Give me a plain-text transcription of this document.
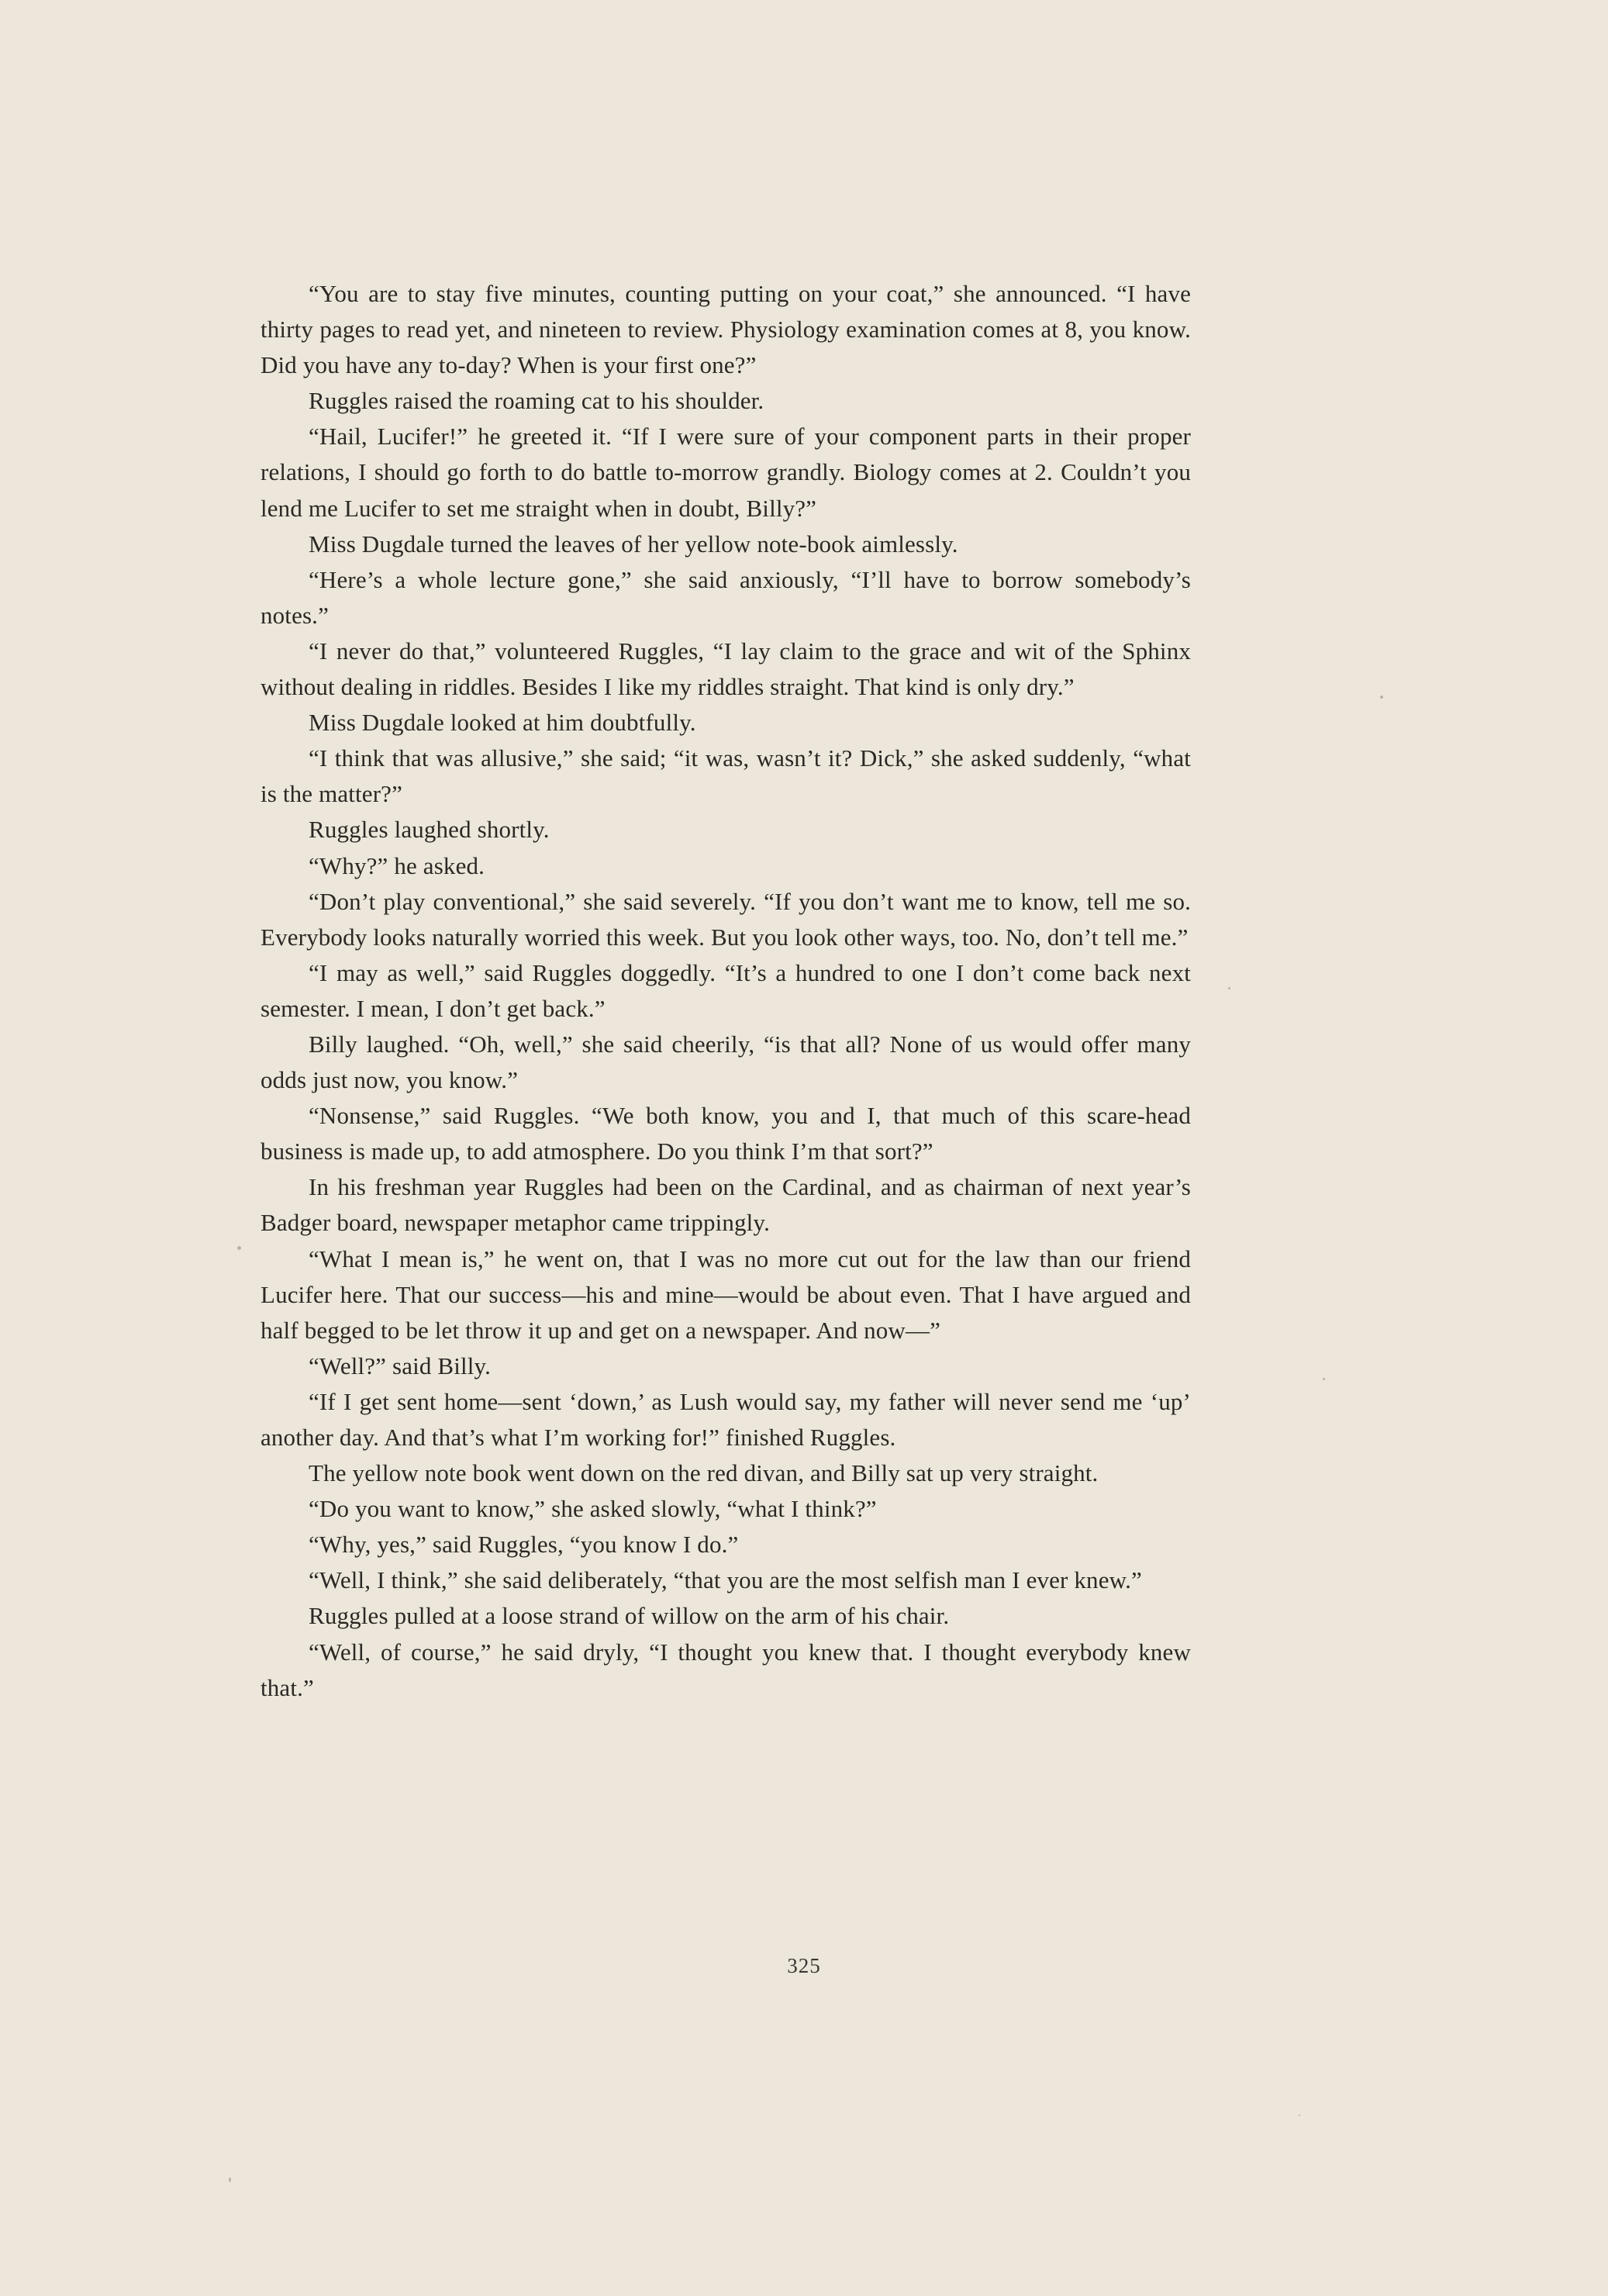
“You are to stay five minutes, counting putting on your coat,” she announced. “I have thirty pages to read yet, and nineteen to review. Physiology examination comes at 8, you know. Did you have any to-day? When is your first one?”

Ruggles raised the roaming cat to his shoulder.

“Hail, Lucifer!” he greeted it. “If I were sure of your component parts in their proper relations, I should go forth to do battle to-morrow grandly. Biology comes at 2. Couldn’t you lend me Lucifer to set me straight when in doubt, Billy?”

Miss Dugdale turned the leaves of her yellow note-book aimlessly.

“Here’s a whole lecture gone,” she said anxiously, “I’ll have to borrow somebody’s notes.”

“I never do that,” volunteered Ruggles, “I lay claim to the grace and wit of the Sphinx without dealing in riddles. Besides I like my riddles straight. That kind is only dry.”

Miss Dugdale looked at him doubtfully.

“I think that was allusive,” she said; “it was, wasn’t it? Dick,” she asked suddenly, “what is the matter?”

Ruggles laughed shortly.

“Why?” he asked.

“Don’t play conventional,” she said severely. “If you don’t want me to know, tell me so. Everybody looks naturally worried this week. But you look other ways, too. No, don’t tell me.”

“I may as well,” said Ruggles doggedly. “It’s a hundred to one I don’t come back next semester. I mean, I don’t get back.”

Billy laughed. “Oh, well,” she said cheerily, “is that all? None of us would offer many odds just now, you know.”

“Nonsense,” said Ruggles. “We both know, you and I, that much of this scare-head business is made up, to add atmosphere. Do you think I’m that sort?”

In his freshman year Ruggles had been on the Cardinal, and as chairman of next year’s Badger board, newspaper metaphor came trippingly.

“What I mean is,” he went on, that I was no more cut out for the law than our friend Lucifer here. That our success—his and mine—would be about even. That I have argued and half begged to be let throw it up and get on a newspaper. And now—”

“Well?” said Billy.

“If I get sent home—sent ‘down,’ as Lush would say, my father will never send me ‘up’ another day. And that’s what I’m working for!” finished Ruggles.

The yellow note book went down on the red divan, and Billy sat up very straight.

“Do you want to know,” she asked slowly, “what I think?”

“Why, yes,” said Ruggles, “you know I do.”

“Well, I think,” she said deliberately, “that you are the most selfish man I ever knew.”

Ruggles pulled at a loose strand of willow on the arm of his chair.

“Well, of course,” he said dryly, “I thought you knew that. I thought everybody knew that.”

325
